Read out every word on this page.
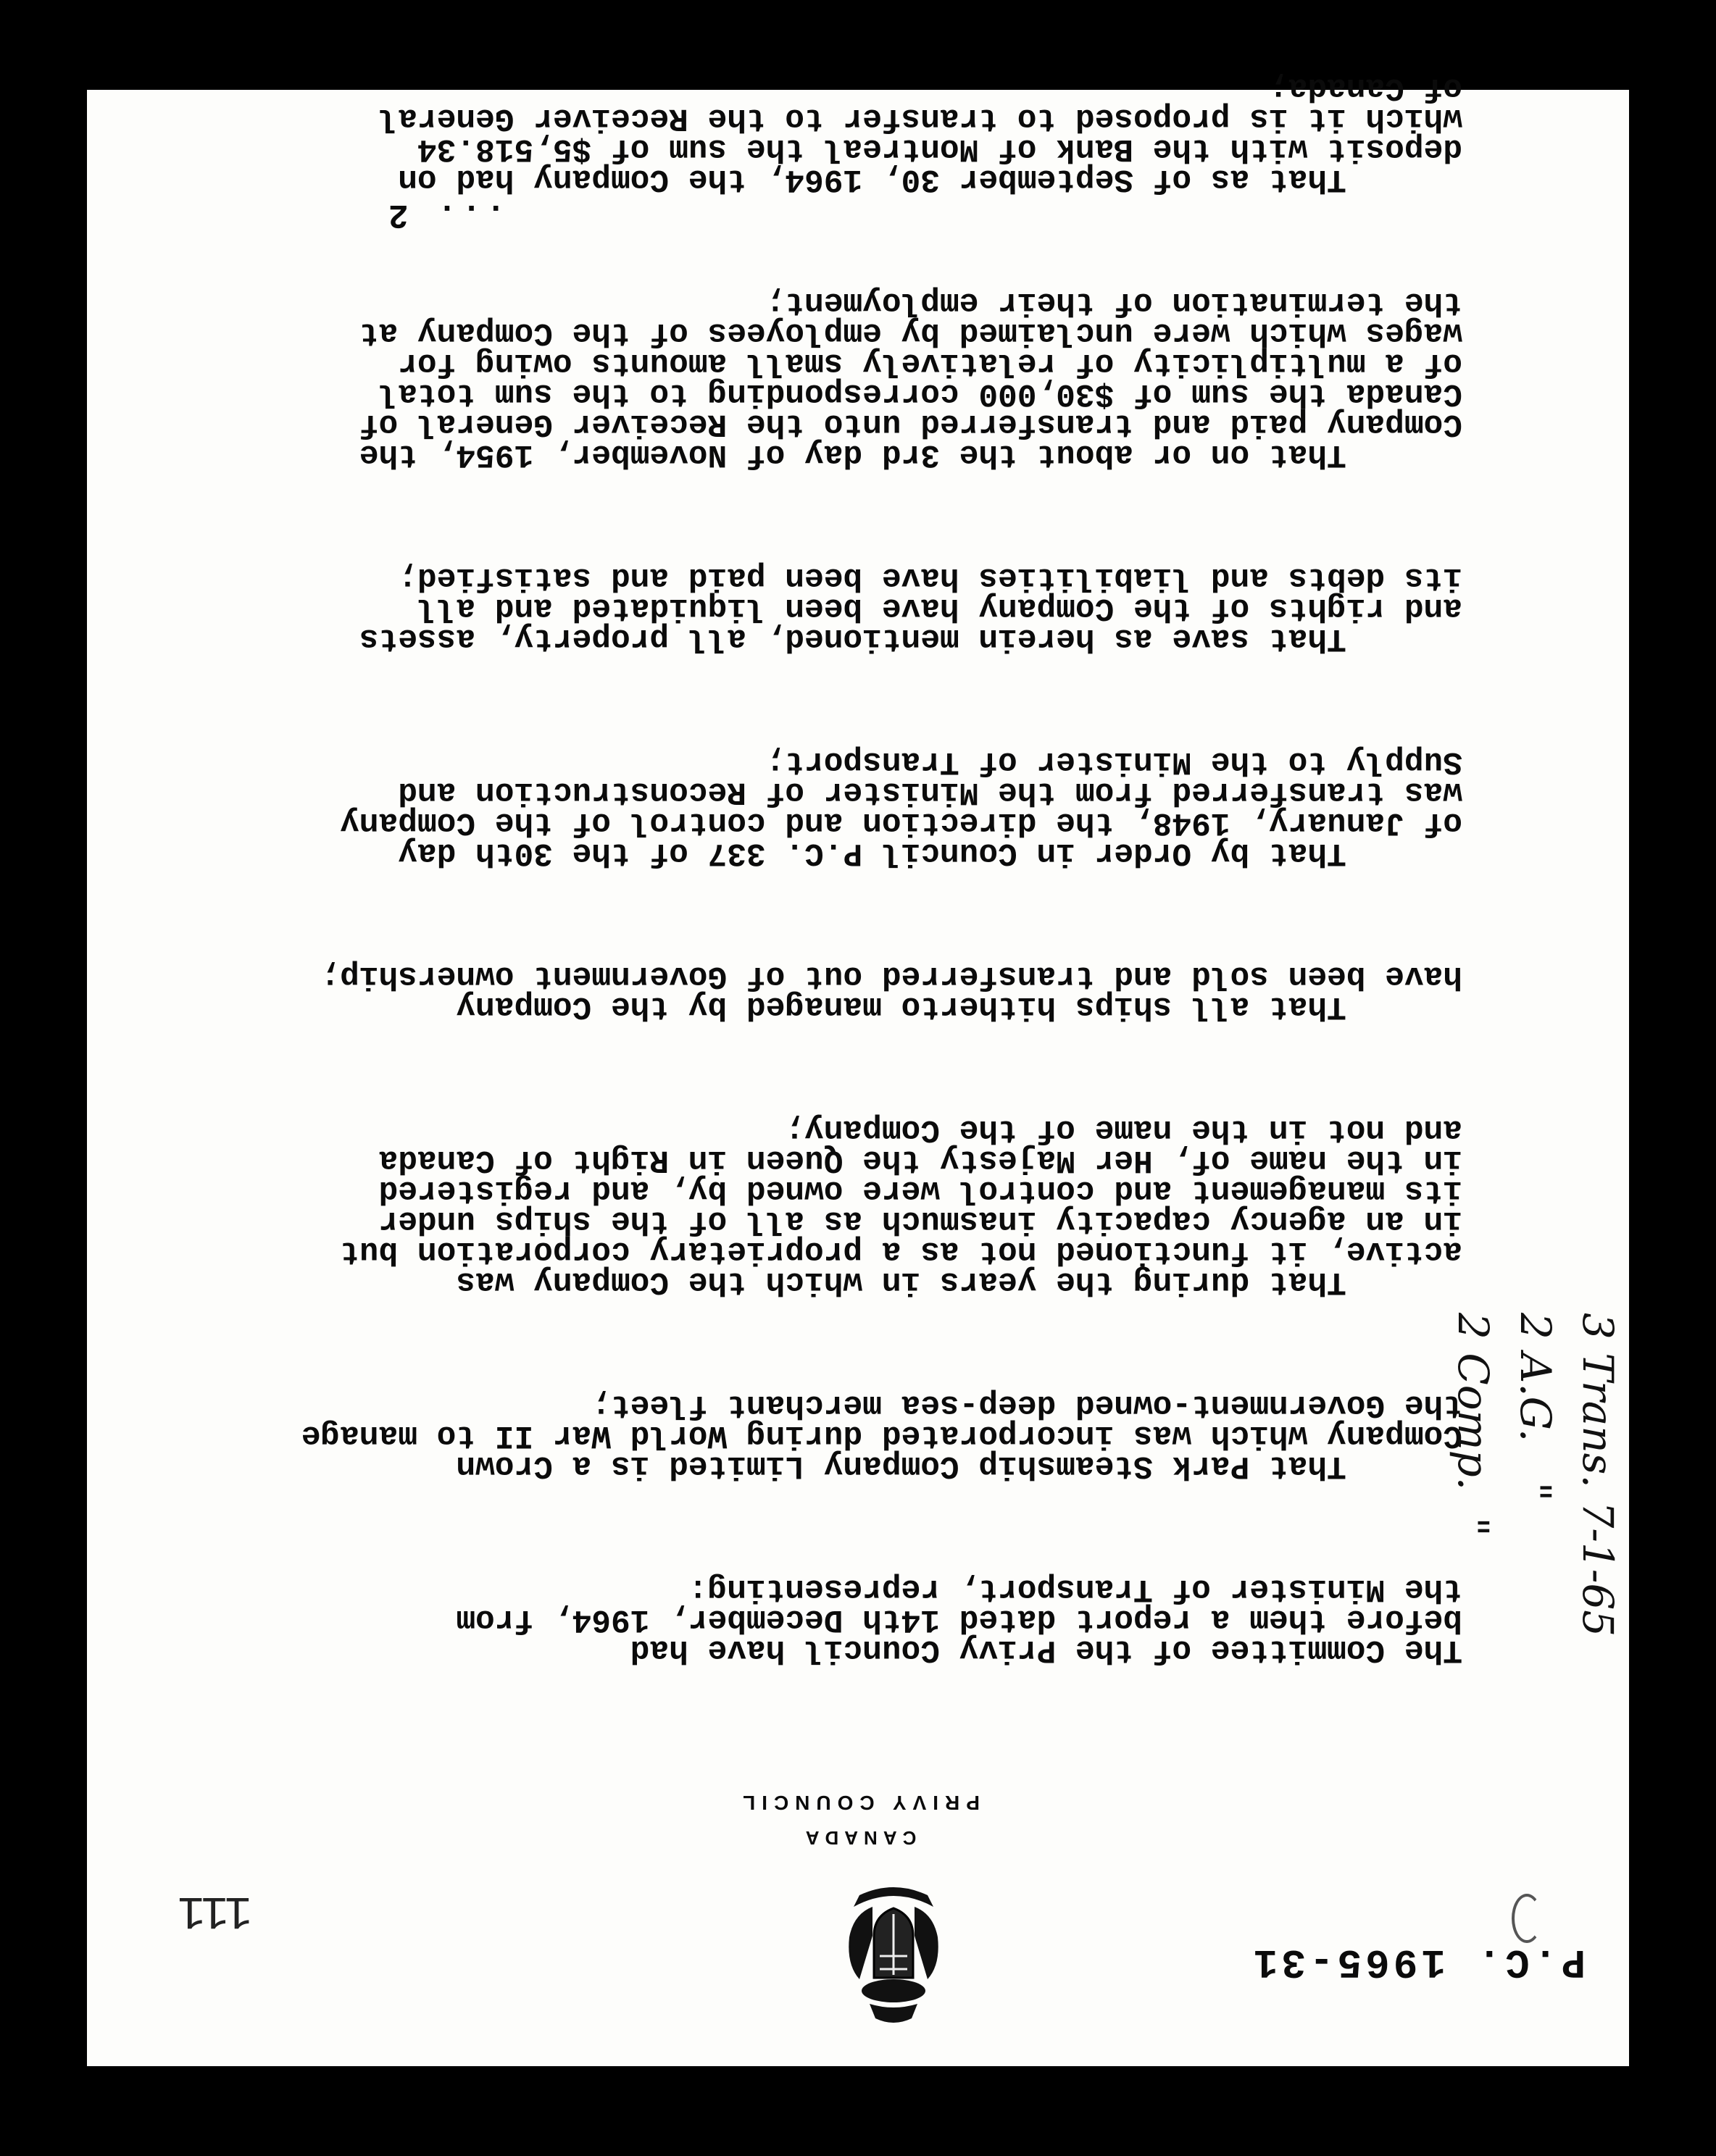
P.C. 1965-31
CANADA
PRIVY COUNCIL
111

The Committee of the Privy Council have had
before them a report dated 14th December, 1964, from
the Minister of Transport, representing:

That Park Steamship Company Limited is a Crown
Company which was incorporated during World War II to manage
the Government-owned deep-sea merchant fleet;

That during the years in which the Company was
active, it functioned not as a proprietary corporation but
in an agency capacity inasmuch as all of the ships under
its management and control were owned by, and registered
in the name of, Her Majesty the Queen in Right of Canada
and not in the name of the Company;

That all ships hitherto managed by the Company
have been sold and transferred out of Government ownership;

That by Order in Council P.C. 337 of the 30th day
of January, 1948, the direction and control of the Company
was transferred from the Minister of Reconstruction and
Supply to the Minister of Transport;

That save as herein mentioned, all property, assets
and rights of the Company have been liquidated and all
its debts and liabilities have been paid and satisfied;

That on or about the 3rd day of November, 1954, the
Company paid and transferred unto the Receiver General of
Canada the sum of $30,000 corresponding to the sum total
of a multiplicity of relatively small amounts owing for
wages which were unclaimed by employees of the Company at
the termination of their employment;

That as of September 30, 1964, the Company had on
deposit with the Bank of Montreal the sum of $5,518.34
which it is proposed to transfer to the Receiver General
of Canada;

... 2
3 Trans. 7-1-65
2 A.G.   "
2 Comp.  "
